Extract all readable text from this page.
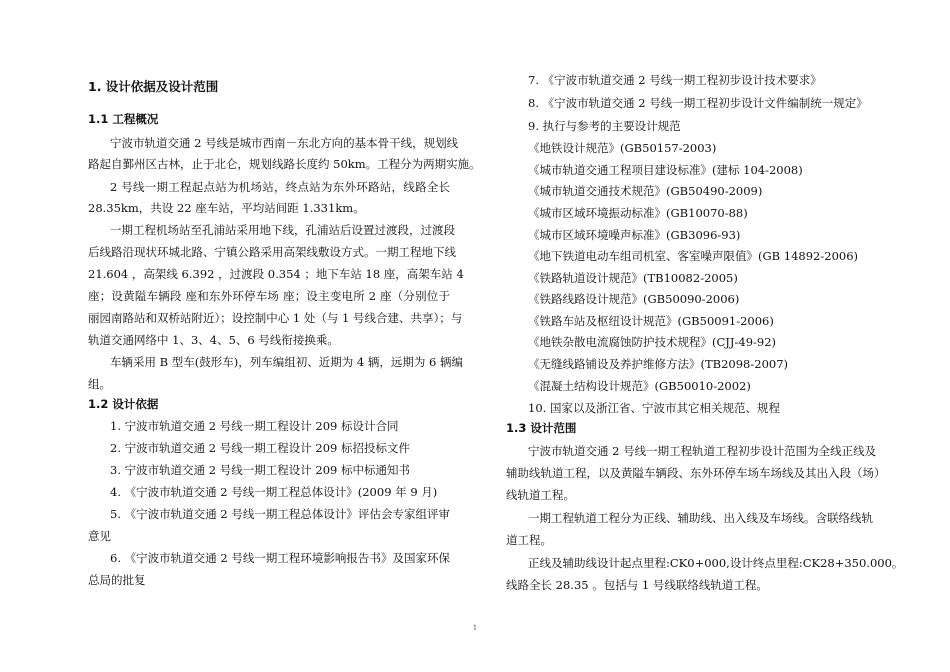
1. 设计依据及设计范围
1.1 工程概况
宁波市轨道交通 2 号线是城市西南－东北方向的基本骨干线，规划线
路起自鄞州区古林，止于北仑，规划线路长度约 50km。工程分为两期实施。
2 号线一期工程起点站为机场站，终点站为东外环路站，线路全长
28.35km，共设 22 座车站，平均站间距 1.331km。
一期工程机场站至孔浦站采用地下线，孔浦站后设置过渡段，过渡段
后线路沿现状环城北路、宁镇公路采用高架线敷设方式。一期工程地下线
21.604 ，高架线 6.392 ，过渡段 0.354 ；地下车站 18 座，高架车站 4
座；设黄隘车辆段 座和东外环停车场 座；设主变电所 2 座（分别位于
丽园南路站和双桥站附近）；设控制中心 1 处（与 1 号线合建、共享）；与
轨道交通网络中 1、3、4、5、6 号线衔接换乘。
车辆采用 B 型车(鼓形车)，列车编组初、近期为 4 辆，远期为 6 辆编
组。
1.2 设计依据
1. 宁波市轨道交通 2 号线一期工程设计 209 标设计合同
2. 宁波市轨道交通 2 号线一期工程设计 209 标招投标文件
3. 宁波市轨道交通 2 号线一期工程设计 209 标中标通知书
4. 《宁波市轨道交通 2 号线一期工程总体设计》(2009 年 9 月)
5. 《宁波市轨道交通 2 号线一期工程总体设计》评估会专家组评审
意见
6. 《宁波市轨道交通 2 号线一期工程环境影响报告书》及国家环保
总局的批复
7. 《宁波市轨道交通 2 号线一期工程初步设计技术要求》
8. 《宁波市轨道交通 2 号线一期工程初步设计文件编制统一规定》
9. 执行与参考的主要设计规范
《地铁设计规范》(GB50157-2003)
《城市轨道交通工程项目建设标准》(建标 104-2008)
《城市轨道交通技术规范》(GB50490-2009)
《城市区域环境振动标准》(GB10070-88)
《城市区域环境噪声标准》(GB3096-93)
《地下铁道电动车组司机室、客室噪声限值》(GB 14892-2006)
《铁路轨道设计规范》(TB10082-2005)
《铁路线路设计规范》(GB50090-2006)
《铁路车站及枢纽设计规范》(GB50091-2006)
《地铁杂散电流腐蚀防护技术规程》(CJJ-49-92)
《无缝线路铺设及养护维修方法》(TB2098-2007)
《混凝土结构设计规范》(GB50010-2002)
10. 国家以及浙江省、宁波市其它相关规范、规程
1.3 设计范围
宁波市轨道交通 2 号线一期工程轨道工程初步设计范围为全线正线及
辅助线轨道工程，以及黄隘车辆段、东外环停车场车场线及其出入段（场）
线轨道工程。
一期工程轨道工程分为正线、辅助线、出入线及车场线。含联络线轨
道工程。
正线及辅助线设计起点里程:CK0+000,设计终点里程:CK28+350.000。
线路全长 28.35 。包括与 1 号线联络线轨道工程。
1
